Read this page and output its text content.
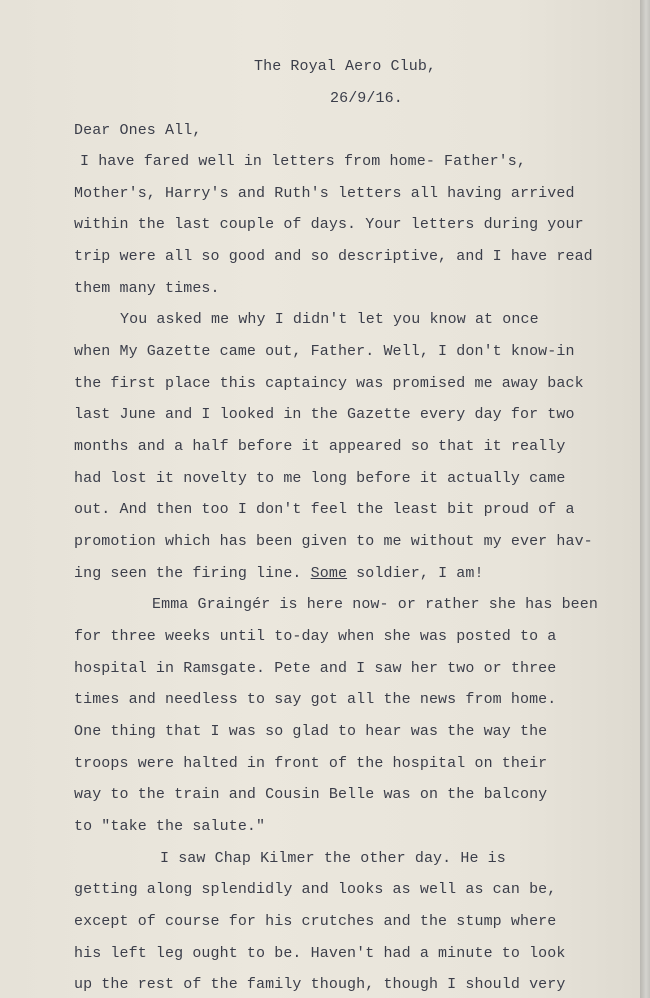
The Royal Aero Club,
26/9/16.
Dear Ones All,
I have fared well in letters from home- Father's,
Mother's, Harry's and Ruth's letters all having arrived
within the last couple of days. Your letters during your
trip were all so good and so descriptive, and I have read
them many times.
You asked me why I didn't let you know at once
when My Gazette came out, Father. Well, I don't know-in
the first place this captaincy was promised me away back
last June and I looked in the Gazette every day for two
months and a half before it appeared so that it really
had lost it novelty to me long before it actually came
out. And then too I don't feel the least bit proud of a
promotion which has been given to me without my ever hav-
ing seen the firing line. Some soldier, I am!
Emma Graingér is here now- or rather she has been
for three weeks until to-day when she was posted to a
hospital in Ramsgate. Pete and I saw her two or three
times and needless to say got all the news from home.
One thing that I was so glad to hear was the way the
troops were halted in front of the hospital on their
way to the train and Cousin Belle was on the balcony
to "take the salute."
I saw Chap Kilmer the other day. He is
getting along splendidly and looks as well as can be,
except of course for his crutches and the stump where
his left leg ought to be. Haven't had a minute to look
up the rest of the family though, though I should very
